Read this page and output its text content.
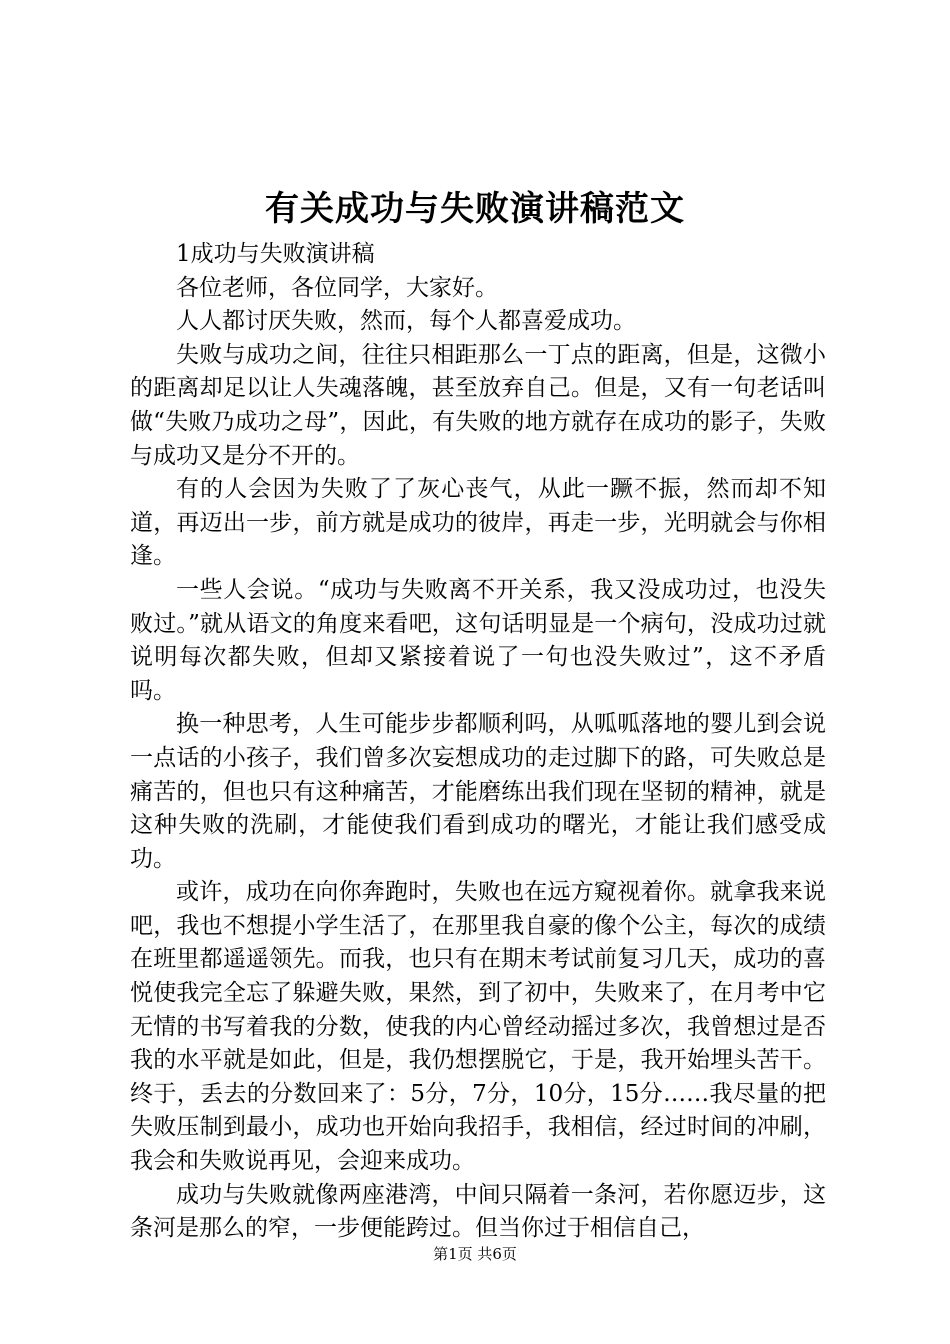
有关成功与失败演讲稿范文

1成功与失败演讲稿

各位老师，各位同学，大家好。

人人都讨厌失败，然而，每个人都喜爱成功。

失败与成功之间，往往只相距那么一丁点的距离，但是，这微小的距离却足以让人失魂落魄，甚至放弃自己。但是，又有一句老话叫做“失败乃成功之母”，因此，有失败的地方就存在成功的影子，失败与成功又是分不开的。

有的人会因为失败了了灰心丧气，从此一蹶不振，然而却不知道，再迈出一步，前方就是成功的彼岸，再走一步，光明就会与你相逢。

一些人会说。“成功与失败离不开关系，我又没成功过，也没失败过。”就从语文的角度来看吧，这句话明显是一个病句，没成功过就说明每次都失败，但却又紧接着说了一句也没失败过”，这不矛盾吗。

换一种思考，人生可能步步都顺利吗，从呱呱落地的婴儿到会说一点话的小孩子，我们曾多次妄想成功的走过脚下的路，可失败总是痛苦的，但也只有这种痛苦，才能磨练出我们现在坚韧的精神，就是这种失败的洗刷，才能使我们看到成功的曙光，才能让我们感受成功。

或许，成功在向你奔跑时，失败也在远方窥视着你。就拿我来说吧，我也不想提小学生活了，在那里我自豪的像个公主，每次的成绩在班里都遥遥领先。而我，也只有在期末考试前复习几天，成功的喜悦使我完全忘了躲避失败，果然，到了初中，失败来了，在月考中它无情的书写着我的分数，使我的内心曾经动摇过多次，我曾想过是否我的水平就是如此，但是，我仍想摆脱它，于是，我开始埋头苦干。终于，丢去的分数回来了：5分，7分，10分，15分……我尽量的把失败压制到最小，成功也开始向我招手，我相信，经过时间的冲刷，我会和失败说再见，会迎来成功。

成功与失败就像两座港湾，中间只隔着一条河，若你愿迈步，这条河是那么的窄，一步便能跨过。但当你过于相信自己，

第1页 共6页
